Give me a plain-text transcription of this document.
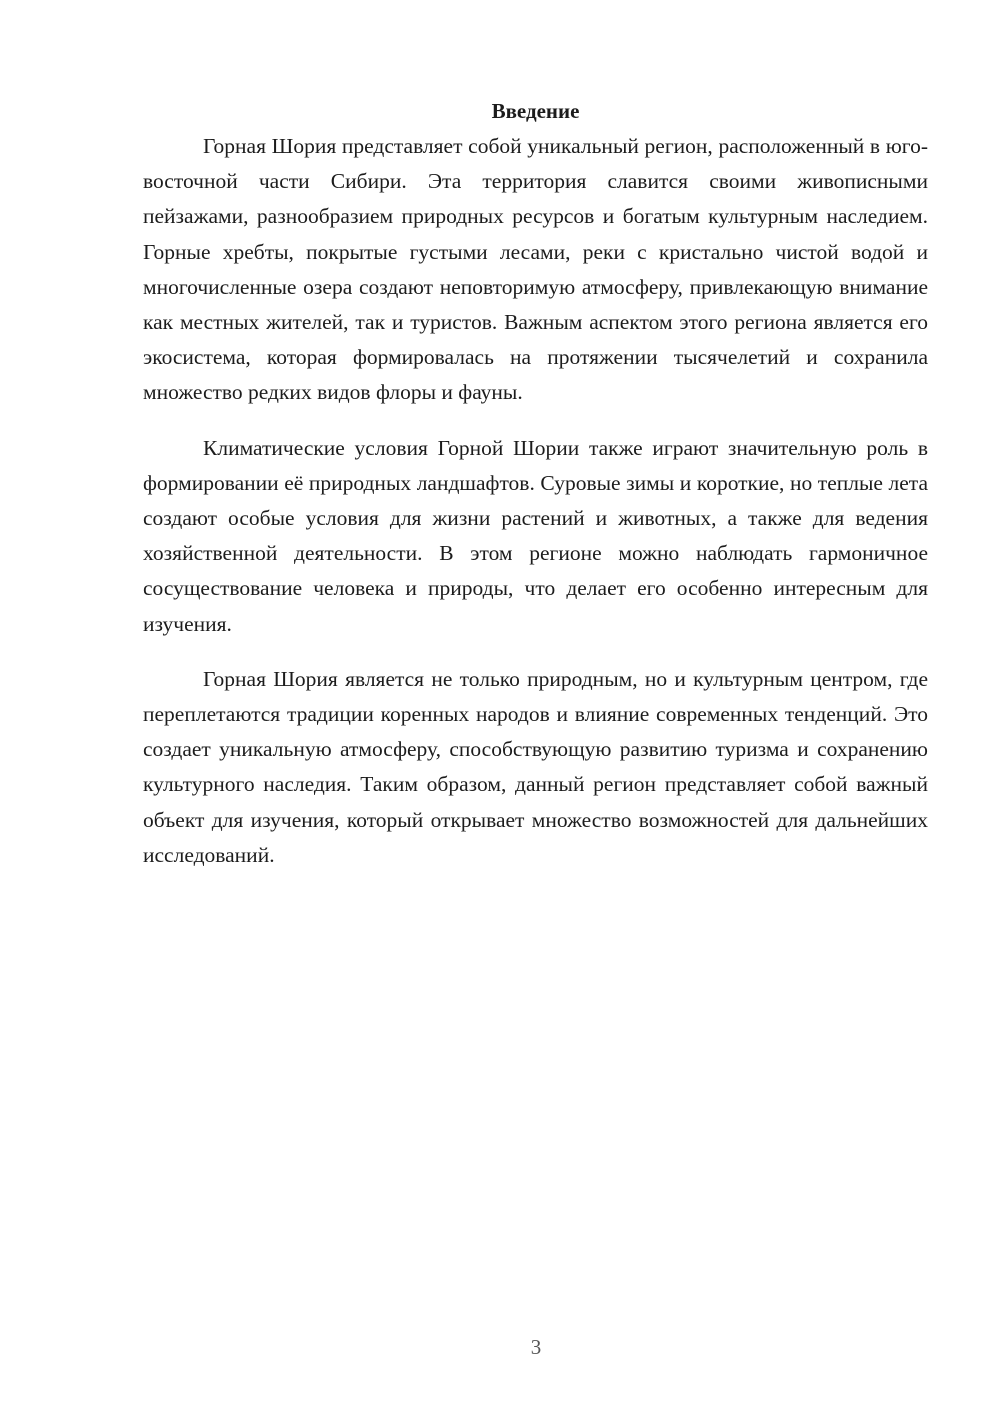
Введение

Горная Шория представляет собой уникальный регион, расположенный в юго-восточной части Сибири. Эта территория славится своими живописными пейзажами, разнообразием природных ресурсов и богатым культурным наследием. Горные хребты, покрытые густыми лесами, реки с кристально чистой водой и многочисленные озера создают неповторимую атмосферу, привлекающую внимание как местных жителей, так и туристов. Важным аспектом этого региона является его экосистема, которая формировалась на протяжении тысячелетий и сохранила множество редких видов флоры и фауны.

Климатические условия Горной Шории также играют значительную роль в формировании её природных ландшафтов. Суровые зимы и короткие, но теплые лета создают особые условия для жизни растений и животных, а также для ведения хозяйственной деятельности. В этом регионе можно наблюдать гармоничное сосуществование человека и природы, что делает его особенно интересным для изучения.

Горная Шория является не только природным, но и культурным центром, где переплетаются традиции коренных народов и влияние современных тенденций. Это создает уникальную атмосферу, способствующую развитию туризма и сохранению культурного наследия. Таким образом, данный регион представляет собой важный объект для изучения, который открывает множество возможностей для дальнейших исследований.

3
